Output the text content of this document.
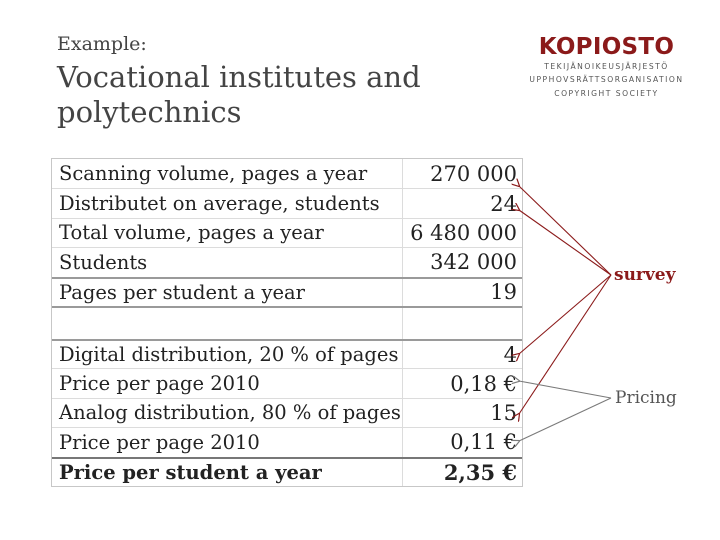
Example:
Vocational institutes and polytechnics
KOPIOSTO
TEKIJÄNOIKEUSJÄRJESTÖ
UPPHOVSRÄTTSORGANISATION
COPYRIGHT SOCIETY
Scanning volume, pages a year	270 000
Distributet on average, students	24
Total volume, pages a year	6 480 000
Students	342 000
Pages per student a year	19
Digital distribution, 20 % of pages	4
Price per page 2010	0,18 €
Analog distribution, 80 % of pages	15
Price per page 2010	0,11 €
Price per student a year	2,35 €
survey
Pricing
